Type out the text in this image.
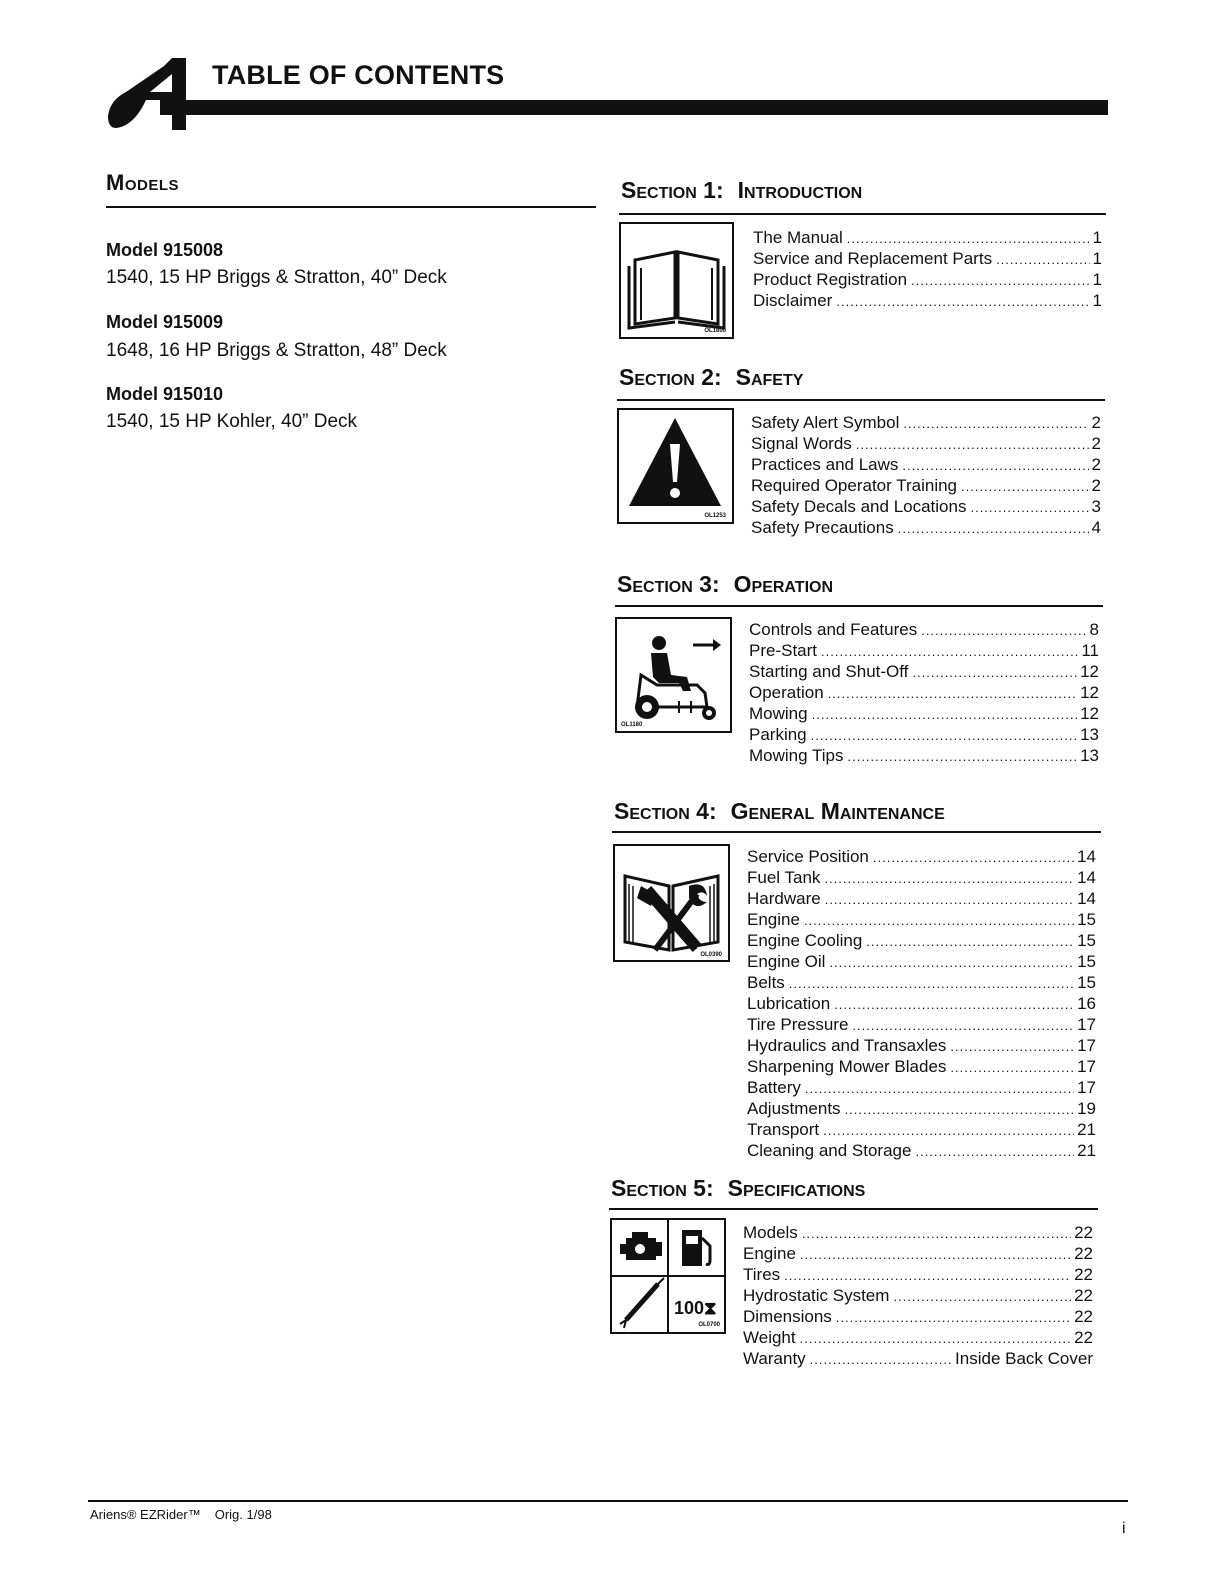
TABLE OF CONTENTS
Models
Model 915008
1540, 15 HP Briggs & Stratton, 40” Deck
Model 915009
1648, 16 HP Briggs & Stratton, 48” Deck
Model 915010
1540, 15 HP Kohler, 40” Deck
Section 1: Introduction
OL1800
The Manual .....	1
Service and Replacement Parts .....	1
Product Registration .....	1
Disclaimer .....	1
Section 2: Safety
OL1253
Safety Alert Symbol .....	2
Signal Words .....	2
Practices and Laws .....	2
Required Operator Training .....	2
Safety Decals and Locations .....	3
Safety Precautions .....	4
Section 3: Operation
OL1180
Controls and Features .....	8
Pre-Start .....	11
Starting and Shut-Off .....	12
Operation .....	12
Mowing .....	12
Parking .....	13
Mowing Tips .....	13
Section 4: General Maintenance
OL0390
Service Position .....	14
Fuel Tank .....	14
Hardware .....	14
Engine .....	15
Engine Cooling .....	15
Engine Oil .....	15
Belts .....	15
Lubrication .....	16
Tire Pressure .....	17
Hydraulics and Transaxles .....	17
Sharpening Mower Blades .....	17
Battery .....	17
Adjustments .....	19
Transport .....	21
Cleaning and Storage .....	21
Section 5: Specifications
100⧗
OL0700
Models .....	22
Engine .....	22
Tires .....	22
Hydrostatic System .....	22
Dimensions .....	22
Weight .....	22
Waranty .....	Inside Back Cover
Ariens® EZRider™ Orig. 1/98
i
